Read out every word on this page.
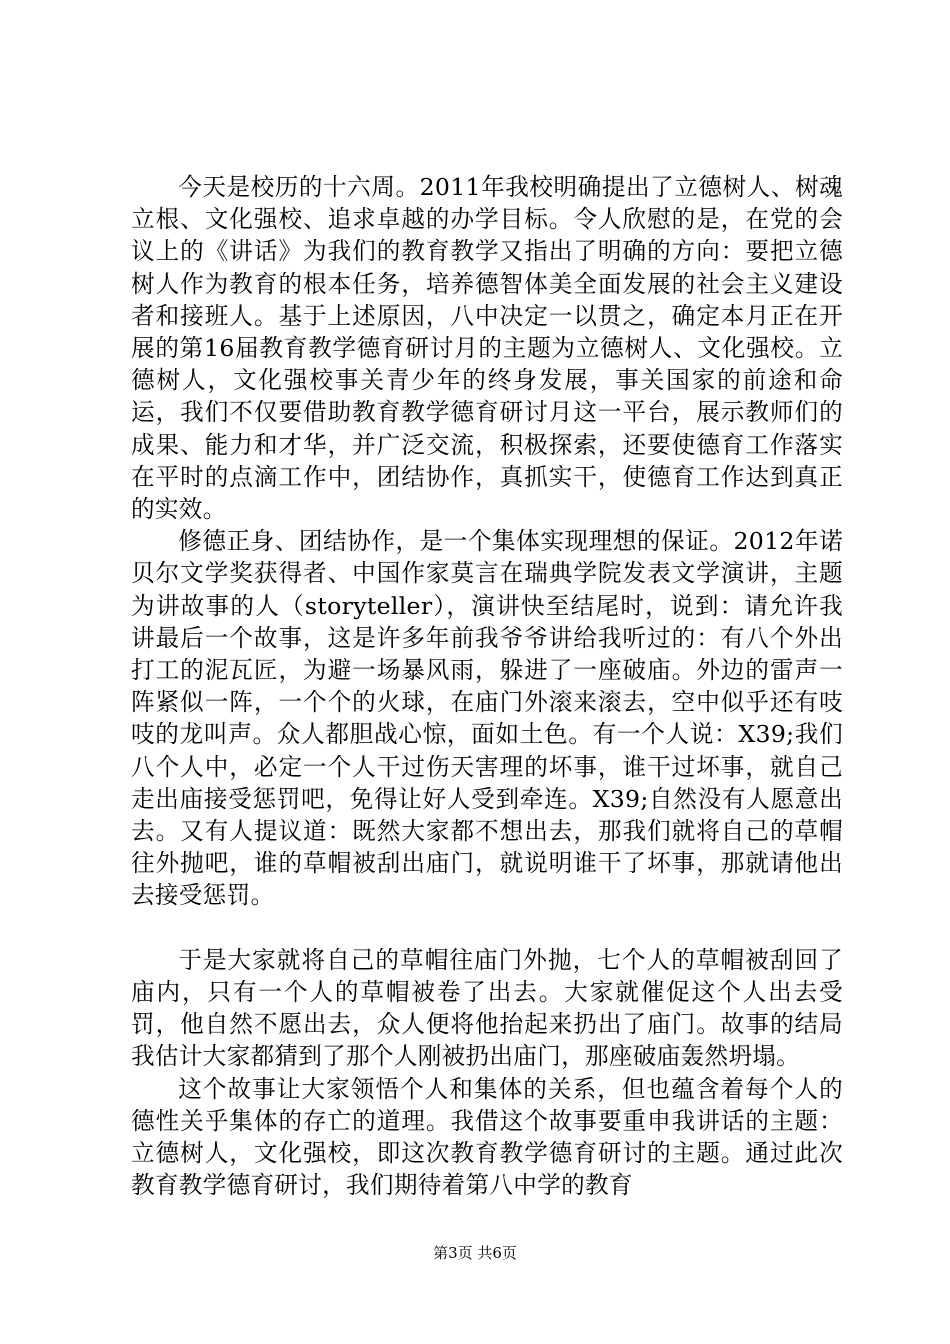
今天是校历的十六周。2011年我校明确提出了立德树人、树魂立根、文化强校、追求卓越的办学目标。令人欣慰的是，在党的会议上的《讲话》为我们的教育教学又指出了明确的方向：要把立德树人作为教育的根本任务，培养德智体美全面发展的社会主义建设者和接班人。基于上述原因，八中决定一以贯之，确定本月正在开展的第16届教育教学德育研讨月的主题为立德树人、文化强校。立德树人，文化强校事关青少年的终身发展，事关国家的前途和命运，我们不仅要借助教育教学德育研讨月这一平台，展示教师们的成果、能力和才华，并广泛交流，积极探索，还要使德育工作落实在平时的点滴工作中，团结协作，真抓实干，使德育工作达到真正的实效。

修德正身、团结协作，是一个集体实现理想的保证。2012年诺贝尔文学奖获得者、中国作家莫言在瑞典学院发表文学演讲，主题为讲故事的人（storyteller），演讲快至结尾时，说到：请允许我讲最后一个故事，这是许多年前我爷爷讲给我听过的：有八个外出打工的泥瓦匠，为避一场暴风雨，躲进了一座破庙。外边的雷声一阵紧似一阵，一个个的火球，在庙门外滚来滚去，空中似乎还有吱吱的龙叫声。众人都胆战心惊，面如土色。有一个人说：X39;我们八个人中，必定一个人干过伤天害理的坏事，谁干过坏事，就自己走出庙接受惩罚吧，免得让好人受到牵连。X39;自然没有人愿意出去。又有人提议道：既然大家都不想出去，那我们就将自己的草帽往外抛吧，谁的草帽被刮出庙门，就说明谁干了坏事，那就请他出去接受惩罚。

于是大家就将自己的草帽往庙门外抛，七个人的草帽被刮回了庙内，只有一个人的草帽被卷了出去。大家就催促这个人出去受罚，他自然不愿出去，众人便将他抬起来扔出了庙门。故事的结局我估计大家都猜到了那个人刚被扔出庙门，那座破庙轰然坍塌。

这个故事让大家领悟个人和集体的关系，但也蕴含着每个人的德性关乎集体的存亡的道理。我借这个故事要重申我讲话的主题：立德树人，文化强校，即这次教育教学德育研讨的主题。通过此次教育教学德育研讨，我们期待着第八中学的教育

第3页 共6页
